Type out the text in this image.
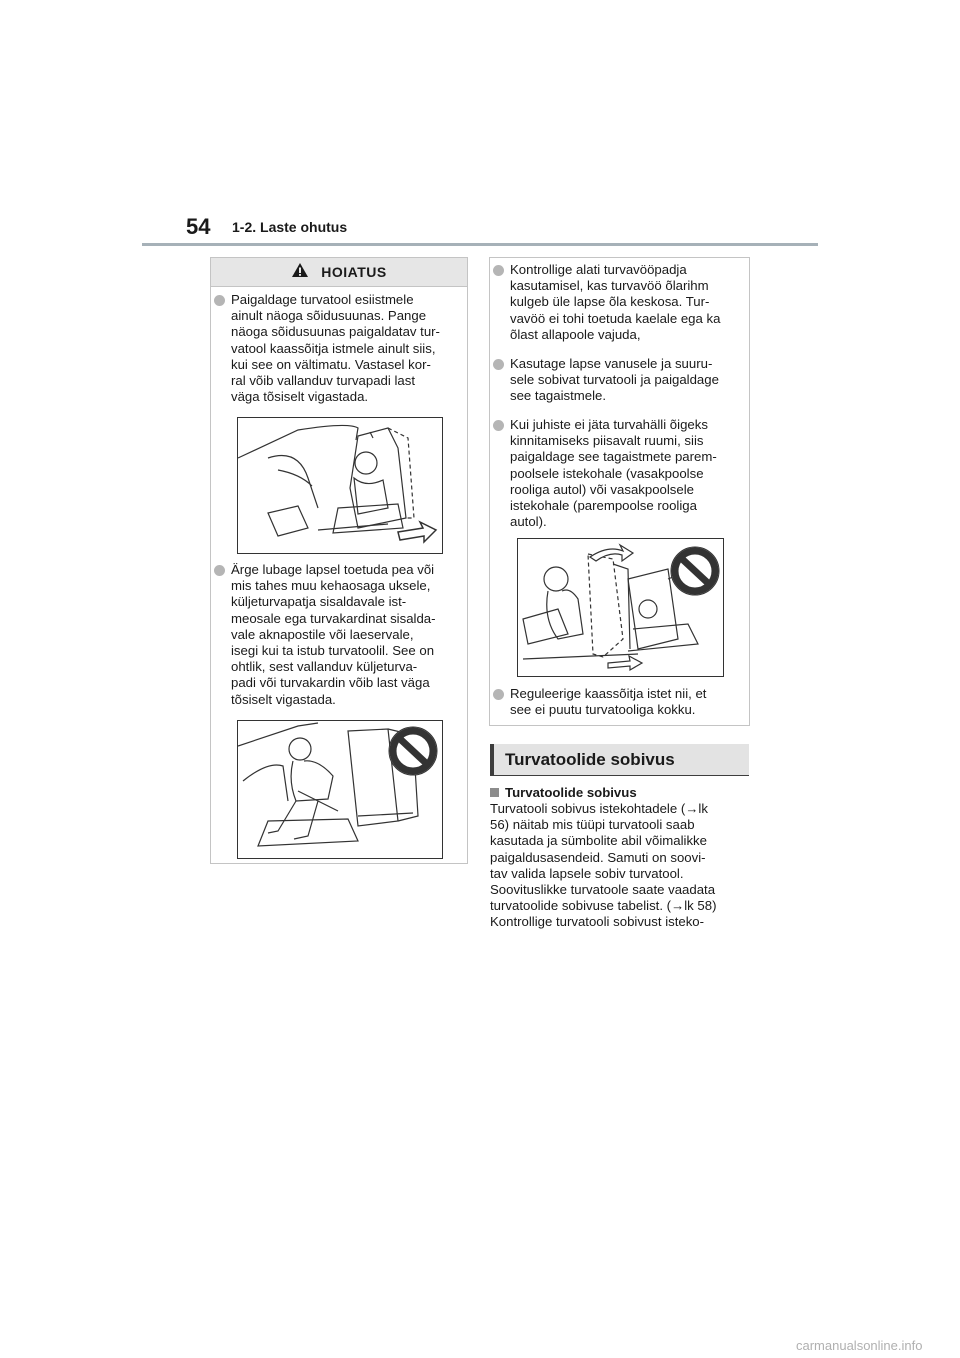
54 1-2. Laste ohutus
HOIATUS
Paigaldage turvatool esiistmele
ainult näoga sõidusuunas. Pange
näoga sõidusuunas paigaldatav tur-
vatool kaassõitja istmele ainult siis,
kui see on vältimatu. Vastasel kor-
ral võib vallanduv turvapadi last
väga tõsiselt vigastada.
Ärge lubage lapsel toetuda pea või
mis tahes muu kehaosaga uksele,
küljeturvapatja sisaldavale ist-
meosale ega turvakardinat sisalda-
vale aknapostile või laeservale,
isegi kui ta istub turvatoolil. See on
ohtlik, sest vallanduv küljeturva-
padi või turvakardin võib last väga
tõsiselt vigastada.
Kontrollige alati turvavööpadja
kasutamisel, kas turvavöö õlarihm
kulgeb üle lapse õla keskosa. Tur-
vavöö ei tohi toetuda kaelale ega ka
õlast allapoole vajuda,
Kasutage lapse vanusele ja suuru-
sele sobivat turvatooli ja paigaldage
see tagaistmele.
Kui juhiste ei jäta turvahälli õigeks
kinnitamiseks piisavalt ruumi, siis
paigaldage see tagaistmete parem-
poolsele istekohale (vasakpoolse
rooliga autol) või vasakpoolsele
istekohale (parempoolse rooliga
autol).
Reguleerige kaassõitja istet nii, et
see ei puutu turvatooliga kokku.
Turvatoolide sobivus
Turvatoolide sobivus
Turvatooli sobivus istekohtadele (→lk
56) näitab mis tüüpi turvatooli saab
kasutada ja sümbolite abil võimalikke
paigaldusasendeid. Samuti on soovi-
tav valida lapsele sobiv turvatool.
Soovituslikke turvatoole saate vaadata
turvatoolide sobivuse tabelist. (→lk 58)
Kontrollige turvatooli sobivust isteko-
carmanualsonline.info
